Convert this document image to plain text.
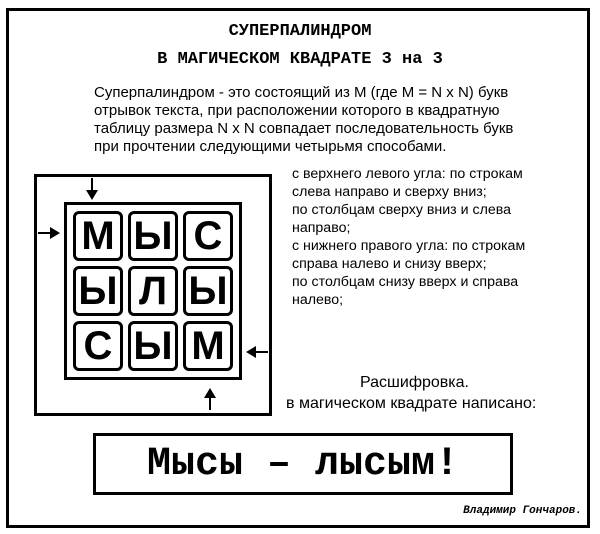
СУПЕРПАЛИНДРОМ
В МАГИЧЕСКОМ КВАДРАТЕ 3 на 3
Суперпалиндром - это состоящий из M (где M = N x N) букв
отрывок текста, при расположении которого в квадратную
таблицу размера N x N совпадает последовательность букв
при прочтении следующими четырьмя способами.
с верхнего левого угла: по строкам
слева направо и сверху вниз;
по столбцам сверху вниз и слева
направо;
с нижнего правого угла: по строкам
справа налево и снизу вверх;
по столбцам снизу вверх и справа
налево;
М Ы С
Ы Л Ы
С Ы М
Расшифровка.
в магическом квадрате написано:
Мысы – лысым!
Владимир Гончаров.
